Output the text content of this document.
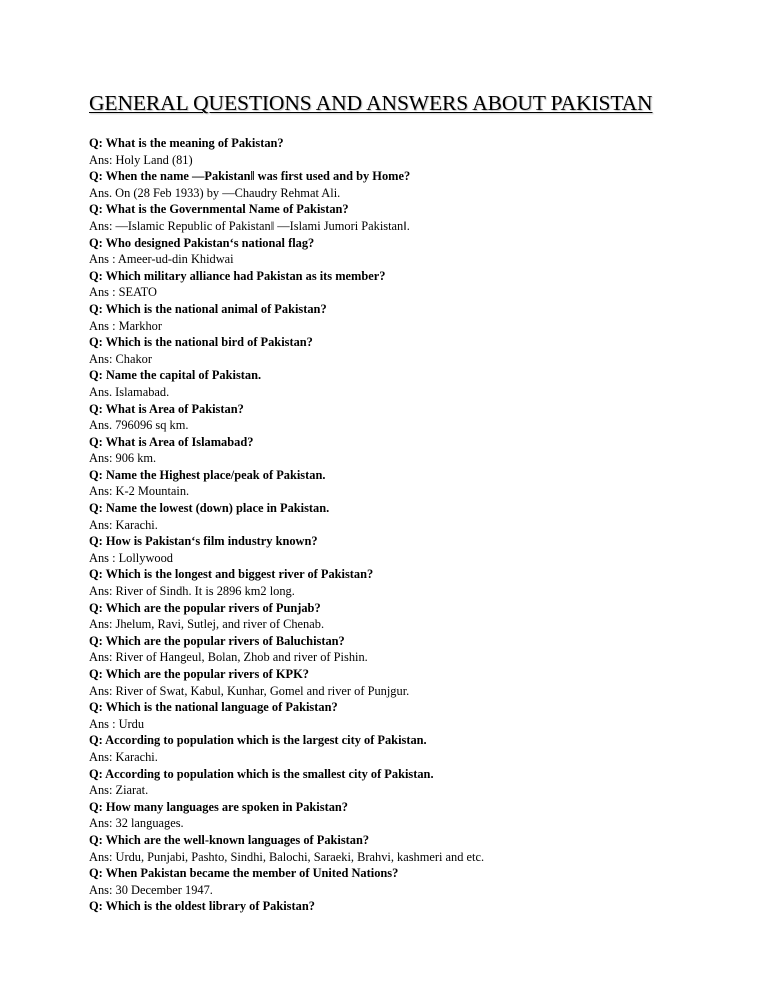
GENERAL QUESTIONS AND ANSWERS ABOUT PAKISTAN
Q: What is the meaning of Pakistan?
Ans: Holy Land (81)
Q: When the name ―Pakistan‖ was first used and by Home?
Ans. On (28 Feb 1933) by ―Chaudry Rehmat Ali.
Q: What is the Governmental Name of Pakistan?
Ans: ―Islamic Republic of Pakistan‖ ―Islami Jumori Pakistan‖.
Q: Who designed Pakistan‘s national flag?
Ans : Ameer-ud-din Khidwai
Q: Which military alliance had Pakistan as its member?
Ans : SEATO
Q: Which is the national animal of Pakistan?
Ans : Markhor
Q: Which is the national bird of Pakistan?
Ans: Chakor
Q: Name the capital of Pakistan.
Ans. Islamabad.
Q: What is Area of Pakistan?
Ans. 796096 sq km.
Q: What is Area of Islamabad?
Ans: 906 km.
Q: Name the Highest place/peak of Pakistan.
Ans: K-2 Mountain.
Q: Name the lowest (down) place in Pakistan.
Ans: Karachi.
Q: How is Pakistan‘s film industry known?
Ans : Lollywood
Q: Which is the longest and biggest river of Pakistan?
Ans: River of Sindh. It is 2896 km2 long.
Q: Which are the popular rivers of Punjab?
Ans: Jhelum, Ravi, Sutlej, and river of Chenab.
Q: Which are the popular rivers of Baluchistan?
Ans: River of Hangeul, Bolan, Zhob and river of Pishin.
Q: Which are the popular rivers of KPK?
Ans: River of Swat, Kabul, Kunhar, Gomel and river of Punjgur.
Q: Which is the national language of Pakistan?
Ans : Urdu
Q: According to population which is the largest city of Pakistan.
Ans: Karachi.
Q: According to population which is the smallest city of Pakistan.
Ans: Ziarat.
Q: How many languages are spoken in Pakistan?
Ans: 32 languages.
Q: Which are the well-known languages of Pakistan?
Ans: Urdu, Punjabi, Pashto, Sindhi, Balochi, Saraeki, Brahvi, kashmeri and etc.
Q: When Pakistan became the member of United Nations?
Ans: 30 December 1947.
Q: Which is the oldest library of Pakistan?
